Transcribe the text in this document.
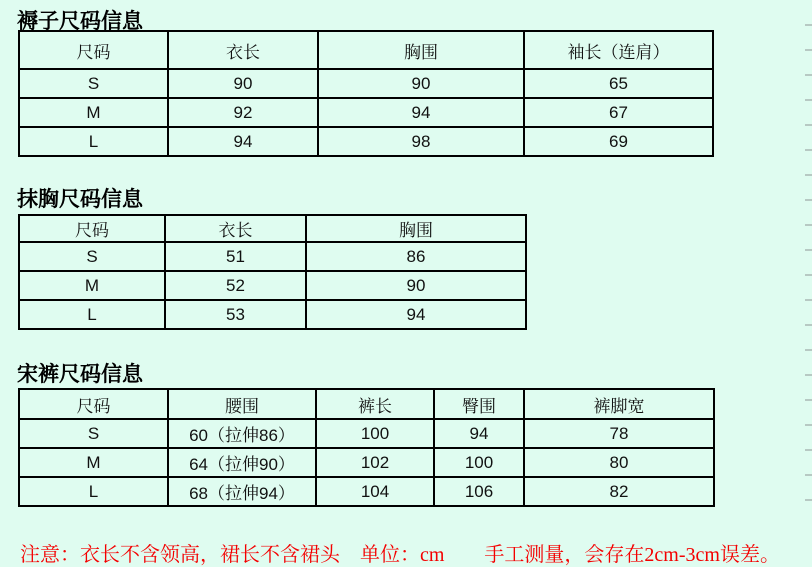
褥子尺码信息
尺码	衣长	胸围	袖长（连肩）
S	90	90	65
M	92	94	67
L	94	98	69
抹胸尺码信息
尺码	衣长	胸围
S	51	86
M	52	90
L	53	94
宋裤尺码信息
尺码	腰围	裤长	臀围	裤脚宽
S	60（拉伸86）	100	94	78
M	64（拉伸90）	102	100	80
L	68（拉伸94）	104	106	82
注意：衣长不含领高，裙长不含裙头　单位：cm　　手工测量，会存在2cm-3cm误差。
